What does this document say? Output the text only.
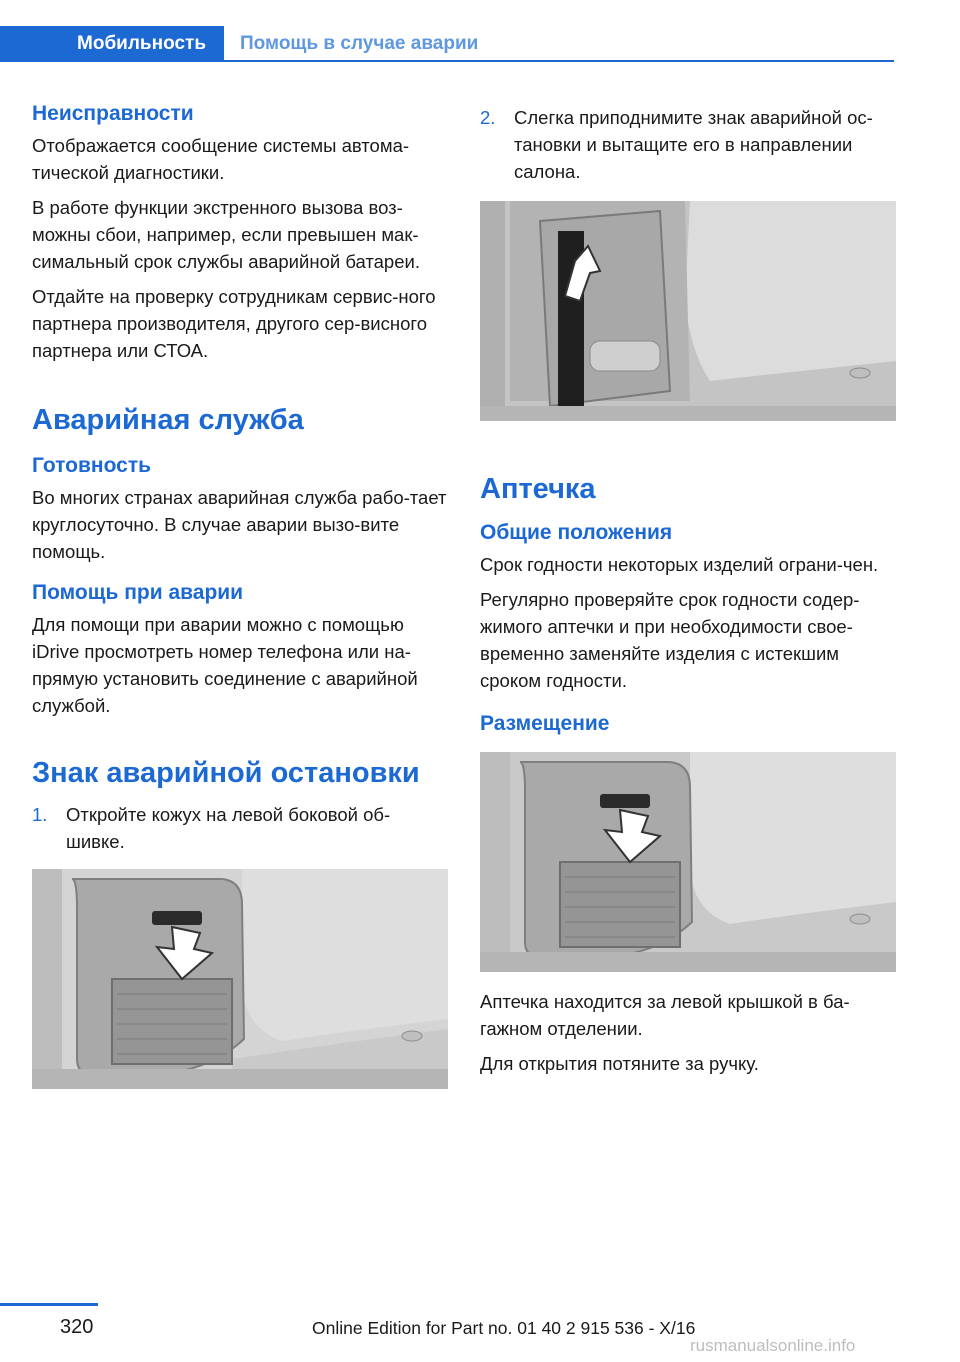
Мобильность	Помощь в случае аварии
Неисправности
Отображается сообщение системы автома-тической диагностики.
В работе функции экстренного вызова воз-можны сбои, например, если превышен мак-симальный срок службы аварийной батареи.
Отдайте на проверку сотрудникам сервис-ного партнера производителя, другого сер-висного партнера или СТОА.
Аварийная служба
Готовность
Во многих странах аварийная служба рабо-тает круглосуточно. В случае аварии вызо-вите помощь.
Помощь при аварии
Для помощи при аварии можно с помощью iDrive просмотреть номер телефона или на-прямую установить соединение с аварийной службой.
Знак аварийной остановки
1.	Откройте кожух на левой боковой об-шивке.
2.	Слегка приподнимите знак аварийной ос-тановки и вытащите его в направлении салона.
Аптечка
Общие положения
Срок годности некоторых изделий ограни-чен.
Регулярно проверяйте срок годности содер-жимого аптечки и при необходимости свое-временно заменяйте изделия с истекшим сроком годности.
Размещение
Аптечка находится за левой крышкой в ба-гажном отделении.
Для открытия потяните за ручку.
320	Online Edition for Part no. 01 40 2 915 536 - X/16
rusmanualsonline.info
